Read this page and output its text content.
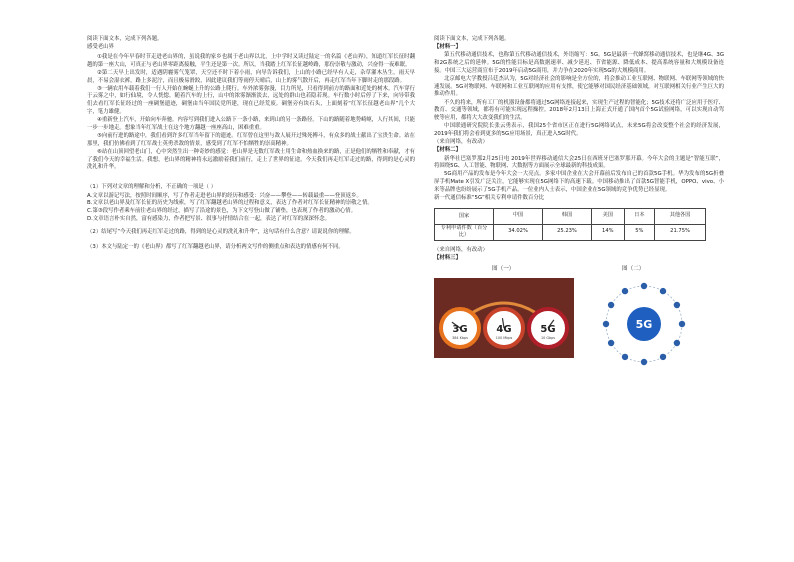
阅读下面文本，完成下列各题。

感受老山界

①我是在今年早春时节走进老山界的，虽说我的家乡也属于老山界以北，上中学时又读过陆定一的名篇《老山界》，知道红军长征时翻越的第一座大山，可真正与老山界零距离接触，平生还是第一次。所以，当我踏上红军长征越岭路，那份崇敬与激动，兴奋得一夜难眠。

②第二天早上出发时，适遇阴霾雾气笼罩，天空还不时下着小雨，向导告诉我们，上山的小路已经早有人走，杂草灌木丛生，雨天早晨，不易会湿衣裤，路上多泥泞，而且极易滑跤，因此建议我们等雨停天晴后，山上的雾气散开后，再走红军当年下脚时走的那段路。

③一辆农用车载着我们一行人开始在蜿蜒上升的公路上爬行。车外浓雾弥漫，目力所见，只看得到前方的路面和近处的树木。汽车穿行于云雾之中，如行仙境，令人恍惚。随着汽车的上行，山中的浓雾渐渐淡去，远处的群山也若隐若现。车行数小时后停了下来，向导带我们去看红军长征经过的一座碉堡遗迹，碉堡由当年国民党所建，现在已经荒废。碉堡旁有块石头，上面刻着“红军长征越老山界”几个大字，笔力雄健。

④重新登上汽车，开始向车奔驰。内容写到我们进入公路下一条小路，来到山的另一条路径。下山的路随着地势崎岖，人行其间，只能一步一步地走。想象当年红军战士在这个地方翻越一座座高山，困难重重。

⑤向前行进的路途中，我们看到许多红军当年留下的遗迹。红军曾在这里与敌人展开过殊死搏斗，有众多的战士献出了宝贵生命。站在那里，我们仿佛看到了红军战士英勇杀敌的情景，感受到了红军不怕牺牲的崇高精神。

⑥站在山顶回望老山门，心中突然生出一种奇妙的感觉：老山界是无数红军战士用生命和热血换来的路，正是他们的牺牲和奉献，才有了我们今天的幸福生活。我想，老山界的精神将永远激励着我们前行，走上了世界的征途。今天我们再走红军走过的路，得到的是心灵的洗礼和升华。

（1）下列对文章的理解和分析，不正确的一项是（ ）

A.文章以游记写法，按照时间顺序，写了作者走进老山界的经历和感受：兴奋——攀登——转载最重——登顶返乡。

B.文章以老山界及红军长征的历史为线索，写了红军翻越老山界的过程和意义，表达了作者对红军长征精神的崇敬之情。

C.第③段写作者乘车前往老山界的经过，描写了沿途的景色，为下文写登山做了铺垫，也表现了作者的激动心情。

D.文章语言朴实自然，富有感染力，作者把写景、叙事与抒情结合在一起，表达了对红军的深深怀念。

（2）结尾写“今天我们再走红军走过的路，得到的是心灵的洗礼和升华”，这句话有什么含意？请说说你的理解。

（3）本文与陆定一的《老山界》都写了红军翻越老山界，请分析两文写作的侧重点和表达的情感有何不同。

阅读下面文本，完成下列各题。

【材料一】

第五代移动通信技术，也称第五代移动通信技术，外语缩写：5G。5G是最新一代蜂窝移动通信技术，也是继4G、3G和2G系统之后的延伸。5G的性能目标是高数据速率、减少延迟、节省能源、降低成本、提高系统容量和大规模设备连接。中国三大运营商宣布于2019年启动5G商用，并力争在2020年实现5G的大规模商用。

北京邮电大学教授吕廷杰认为，5G对经济社会的影响是全方位的，将会推动工业互联网、物联网、车联网等领域的快速发展。5G对物联网、车联网和工业互联网的应用有支撑，使它能够对国民经济基础领域，对互联网相关行业产生巨大的推动作用。

不久的将来，所有工厂的机器设备都将通过5G网络连接起来，实现生产过程的智能化；5G技术还将广泛应用于医疗、教育、交通等领域，都将有可能实现远程操控。2018年2月13日上海正式开通了国内首个5G试验网络，可以实现自动驾驶等应用，都将大大改变我们的生活。

中国联通研究院院长张云勇表示，我国25个省市区正在进行5G网络试点，未来5G将会改变整个社会的经济发展，2019年我们将会看到更多的5G应用场景，真正进入5G时代。

（来自网络，有改动）

【材料二】

新华社巴塞罗那2月25日电 2019年世界移动通信大会25日在西班牙巴塞罗那开幕。今年大会的主题是“智能互联”，将围绕5G、人工智能、物联网、大数据等方面展示全球最新的科技成果。

5G商用产品的发布是今年大会一大亮点。多家中国企业在大会开幕前后发布自己的首款5G手机。华为发布的5G折叠屏手机Mate X引发广泛关注，它能够实现在5G网络下的高速下载。中国移动推出了首款5G智能手机，OPPO、vivo、小米等品牌也纷纷展示了5G手机产品。一位业内人士表示，中国企业在5G领域的竞争优势已经显现。

新一代通信标准“5G”相关专利申请件数百分比

国家	中国	韩国	美国	日本	其他各国
专利申请件数（百分比）	34.02%	25.23%	14%	5%	21.75%

（来自网络，有改动）

【材料三】

图（一）	图（二）
3G
384 Kbps
4G
100 Mbps
5G
10 Gbps
5G
